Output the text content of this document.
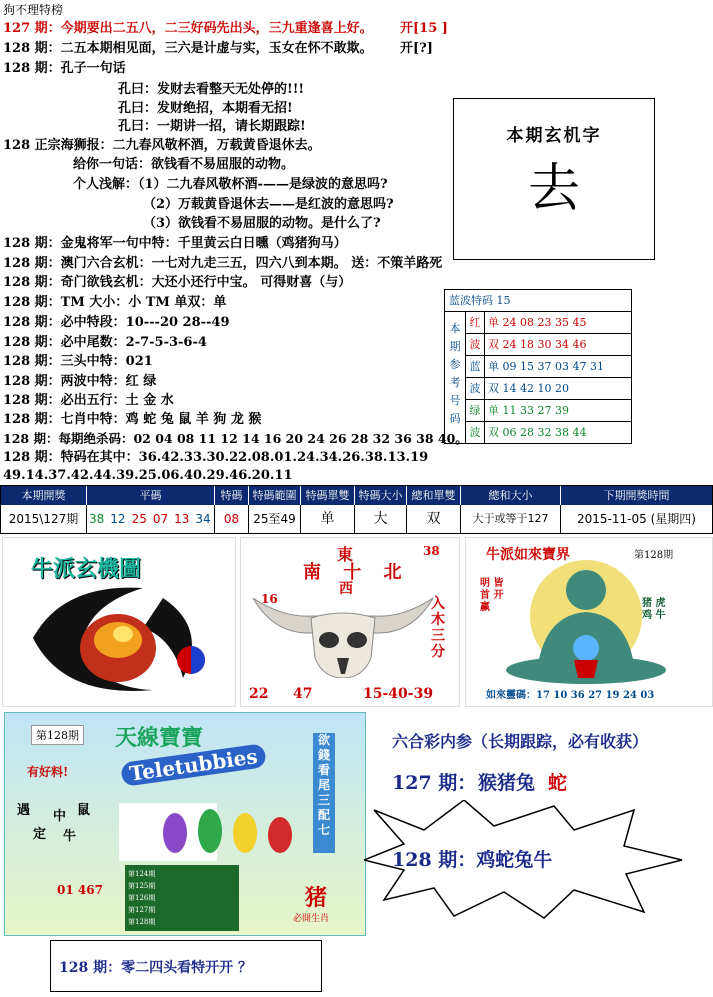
狗不理特榜
127 期：今期要出二五八，二三好码先出头，三九重逢喜上好。 开[15 ]
128 期：二五本期相见面，三六是计虚与实，玉女在怀不敢欺。 开[?]
128 期：孔子一句话
孔曰：发财去看整天无处停的!!!
孔曰：发财绝招，本期看无招!
孔曰：一期讲一招，请长期跟踪!
128 正宗海狮报：二九春风敬杯酒，万载黄昏退休去。
给你一句话：欲钱看不易屈服的动物。
个人浅解：（1）二九春风敬杯酒-——是绿波的意思吗?
（2）万载黄昏退休去——是红波的意思吗?
（3）欲钱看不易屈服的动物。是什么了?
本期玄机字
去
128 期：金鬼将军一句中特：千里黄云白日曛（鸡猪狗马）
128 期：澳门六合玄机：一七对九走三五，四六八到本期。 送：不策羊路死
128 期：奇门欲钱玄机：大还小还行中宝。 可得财喜（与）
128 期：TM 大小：小 TM 单双：单
128 期：必中特段：10---20 28--49
128 期：必中尾数：2-7-5-3-6-4
128 期：三头中特：021
128 期：两波中特：红 绿
128 期：必出五行：土 金 水
128 期：七肖中特：鸡 蛇 兔 鼠 羊 狗 龙 猴
128 期：每期绝杀码：02 04 08 11 12 14 16 20 24 26 28 32 36 38 40。
128 期：特码在其中：36.42.33.30.22.08.01.24.34.26.38.13.19
49.14.37.42.44.39.25.06.40.29.46.20.11
蓝波特码 15
本
期
参
考
号
码
红 单 24 08 23 35 45
波 双 24 18 30 34 46
蓝 单 09 15 37 03 47 31
波 双 14 42 10 20
绿 单 11 33 27 39
波 双 06 28 32 38 44
本期開獎	平碼	特碼 特碼範圍 特碼單雙 特碼大小 總和單雙	總和大小	下期開獎時間
2015\127期 38 12 25 07 13 34	08	25至49	单	大	双	大于或等于127	2015-11-05 (星期四)
牛派玄機圖
東
南 十 北
西
38
16	入木三分
22 47	15-40-39
牛派如來寶界	第128期
明 皆 首 开 赢	猪 虎 鸡 牛
如來靈碼：17 10 36 27 19 24 03
第128期
有好料!
天線寶寶
Teletubbies
遇 中
定
鼠
牛
欲錢看尾三配七
第124期
第125期
第126期
第127期
第128期
01 467	猪
必開生肖
六合彩内参（长期跟踪，必有收获）
127 期： 猴猪兔 蛇
128 期：鸡蛇兔牛
128 期：零二四头看特开开 ？
